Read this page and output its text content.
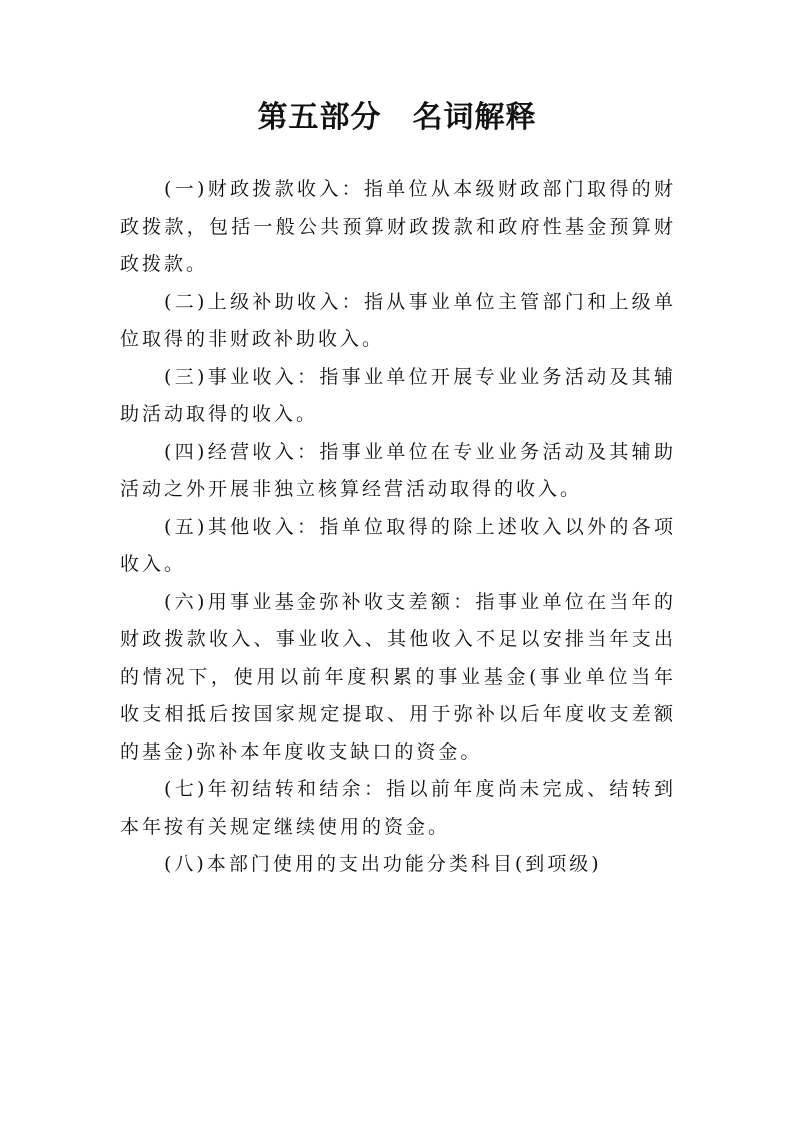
第五部分　名词解释

(一)财政拨款收入：指单位从本级财政部门取得的财政拨款，包括一般公共预算财政拨款和政府性基金预算财政拨款。

(二)上级补助收入：指从事业单位主管部门和上级单位取得的非财政补助收入。

(三)事业收入：指事业单位开展专业业务活动及其辅助活动取得的收入。

(四)经营收入：指事业单位在专业业务活动及其辅助活动之外开展非独立核算经营活动取得的收入。

(五)其他收入：指单位取得的除上述收入以外的各项收入。

(六)用事业基金弥补收支差额：指事业单位在当年的财政拨款收入、事业收入、其他收入不足以安排当年支出的情况下，使用以前年度积累的事业基金(事业单位当年收支相抵后按国家规定提取、用于弥补以后年度收支差额的基金)弥补本年度收支缺口的资金。

(七)年初结转和结余：指以前年度尚未完成、结转到本年按有关规定继续使用的资金。

(八)本部门使用的支出功能分类科目(到项级)
